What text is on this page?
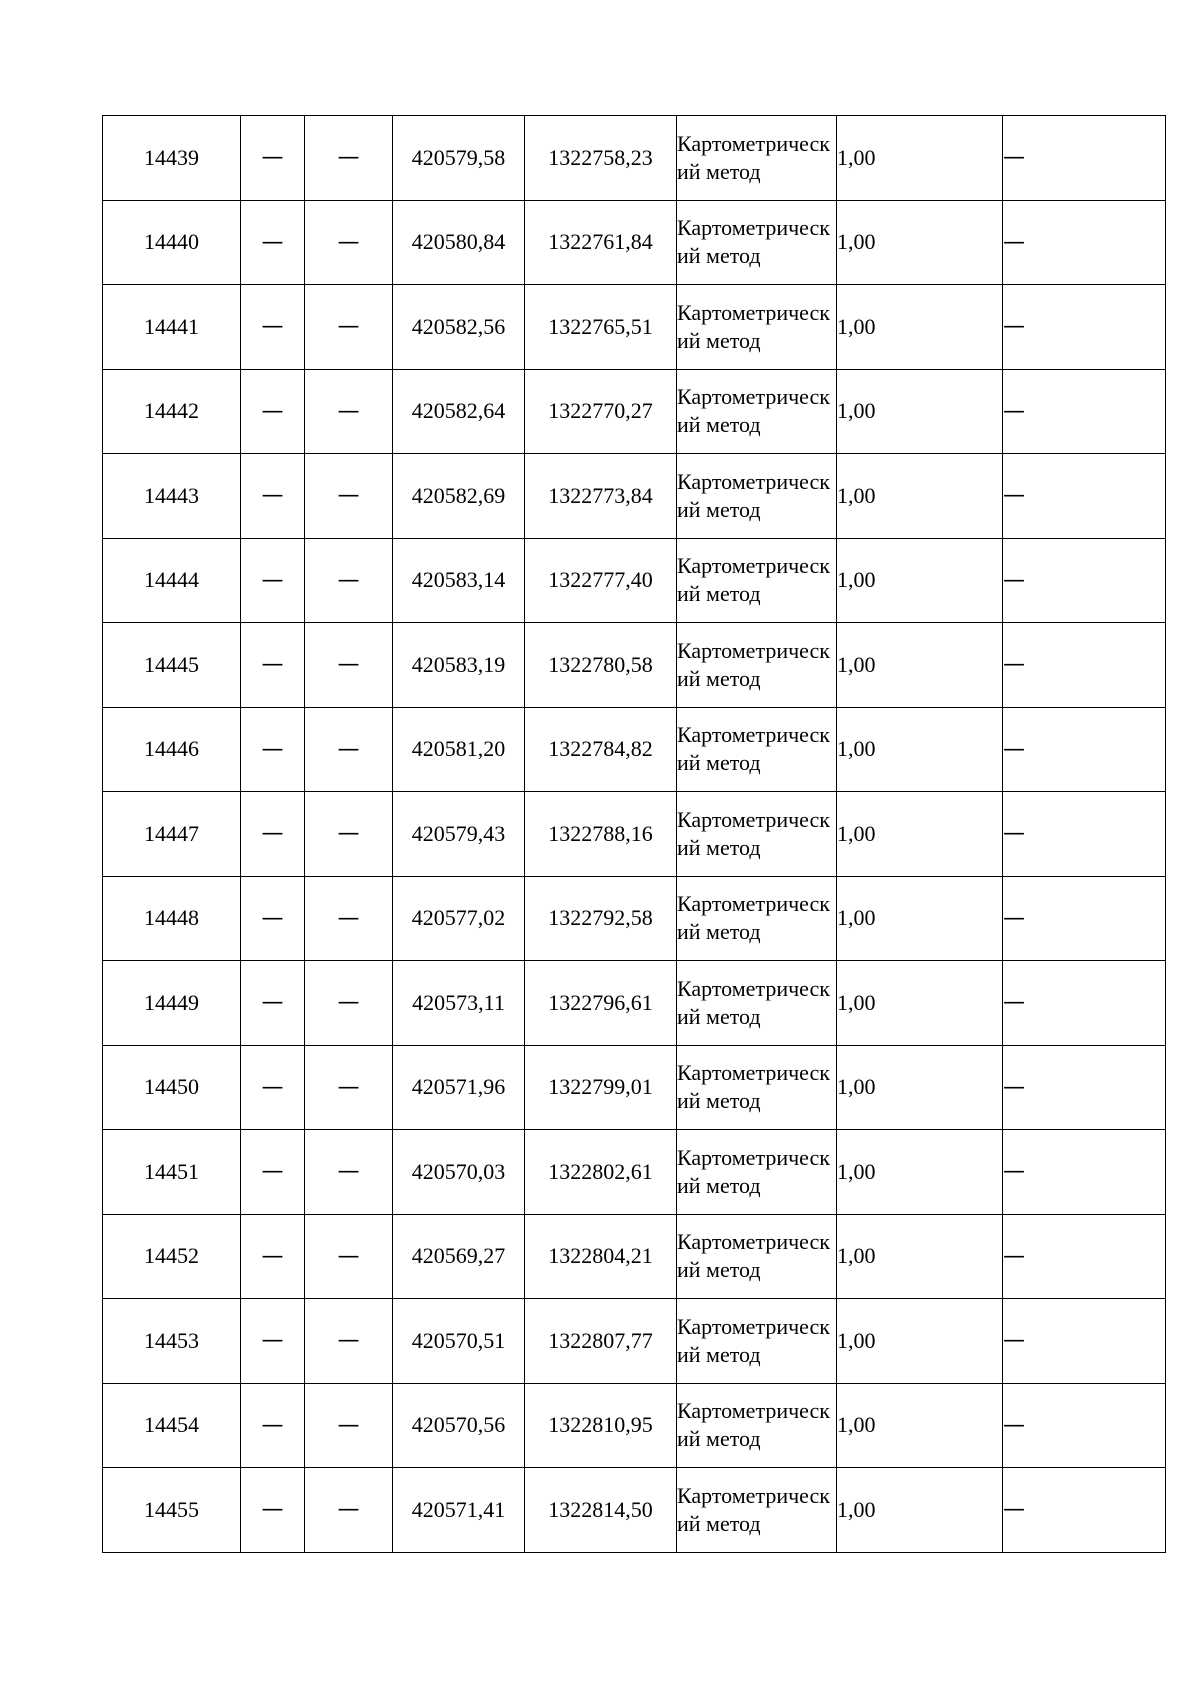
14439	—	—	420579,58	1322758,23	Картометрический метод	1,00	—
14440	—	—	420580,84	1322761,84	Картометрический метод	1,00	—
14441	—	—	420582,56	1322765,51	Картометрический метод	1,00	—
14442	—	—	420582,64	1322770,27	Картометрический метод	1,00	—
14443	—	—	420582,69	1322773,84	Картометрический метод	1,00	—
14444	—	—	420583,14	1322777,40	Картометрический метод	1,00	—
14445	—	—	420583,19	1322780,58	Картометрический метод	1,00	—
14446	—	—	420581,20	1322784,82	Картометрический метод	1,00	—
14447	—	—	420579,43	1322788,16	Картометрический метод	1,00	—
14448	—	—	420577,02	1322792,58	Картометрический метод	1,00	—
14449	—	—	420573,11	1322796,61	Картометрический метод	1,00	—
14450	—	—	420571,96	1322799,01	Картометрический метод	1,00	—
14451	—	—	420570,03	1322802,61	Картометрический метод	1,00	—
14452	—	—	420569,27	1322804,21	Картометрический метод	1,00	—
14453	—	—	420570,51	1322807,77	Картометрический метод	1,00	—
14454	—	—	420570,56	1322810,95	Картометрический метод	1,00	—
14455	—	—	420571,41	1322814,50	Картометрический метод	1,00	—
